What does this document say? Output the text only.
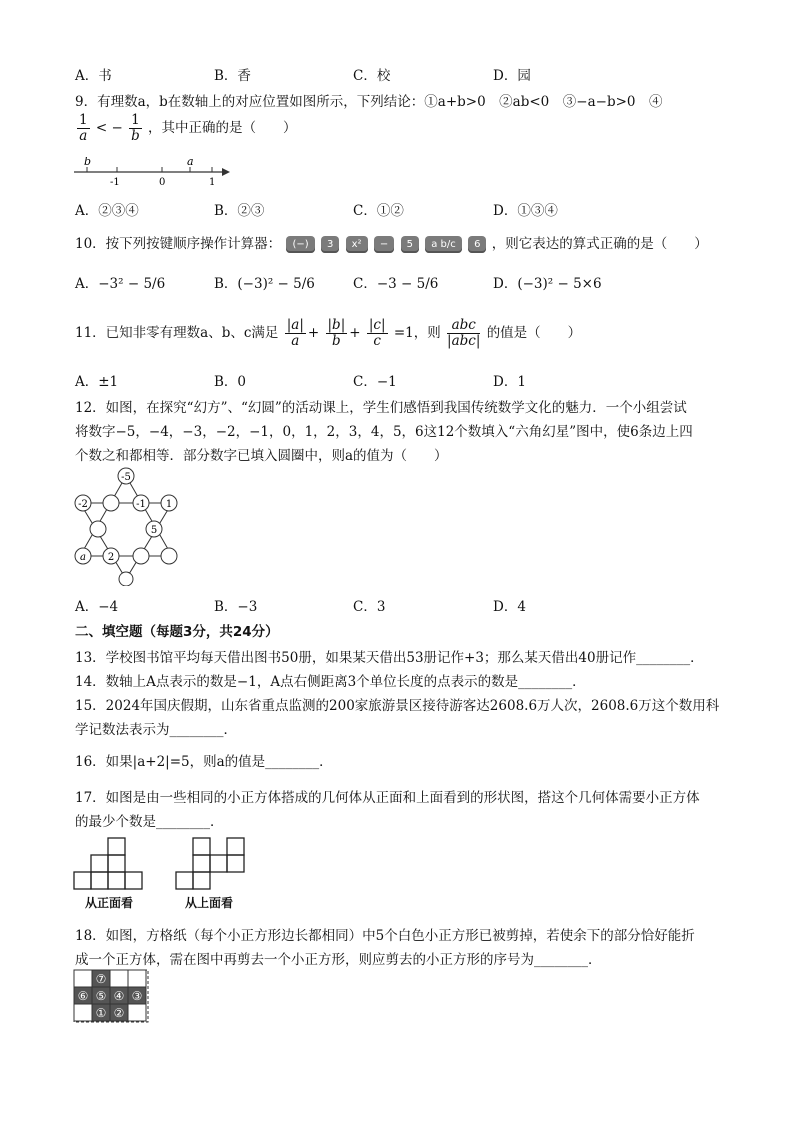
A．书	B．香	C．校	D．园
9．有理数a，b在数轴上的对应位置如图所示，下列结论：①a+b>0　②ab<0　③−a−b>0　④
$\frac{1}{a}$ < − $\frac{1}{b}$ ，其中正确的是（　　）
b	a
-1	0	1
A．②③④	B．②③	C．①②	D．①③④
10．按下列按键顺序操作计算器： (−) 3 x² − 5 a b/c 6 ，则它表达的算式正确的是（　　）
A．−3² − 5/6	B．(−3)² − 5/6	C．−3 − 5/6	D．(−3)² − 5×6
11．已知非零有理数a、b、c满足 $\frac{|a|}{a} + \frac{|b|}{b} + \frac{|c|}{c} =1$，则 $\frac{\text{abc}}{\text{|abc|}}$ 的值是（　　）
A．±1	B．0	C．−1	D．1
12．如图，在探究“幻方”、“幻圆”的活动课上，学生们感悟到我国传统数学文化的魅力．一个小组尝试
将数字−5，−4，−3，−2，−1，0，1，2，3，4，5，6这12个数填入“六角幻星”图中，使6条边上四
个数之和都相等．部分数字已填入圆圈中，则a的值为（　　）
-5
-2	-1 1
5
a 2
A．−4	B．−3	C．3	D．4
二、填空题（每题3分，共24分）
13．学校图书馆平均每天借出图书50册，如果某天借出53册记作+3；那么某天借出40册记作________．
14．数轴上A点表示的数是−1，A点右侧距离3个单位长度的点表示的数是________．
15．2024年国庆假期，山东省重点监测的200家旅游景区接待游客达2608.6万人次，2608.6万这个数用科
学记数法表示为________．
16．如果|a+2|=5，则a的值是________．
17．如图是由一些相同的小正方体搭成的几何体从正面和上面看到的形状图，搭这个几何体需要小正方体
的最少个数是________．
从正面看	从上面看
18．如图，方格纸（每个小正方形边长都相同）中5个白色小正方形已被剪掉，若使余下的部分恰好能折
成一个正方体，需在图中再剪去一个小正方形，则应剪去的小正方形的序号为________．
⑦
⑥ ⑤ ④ ③
① ②
